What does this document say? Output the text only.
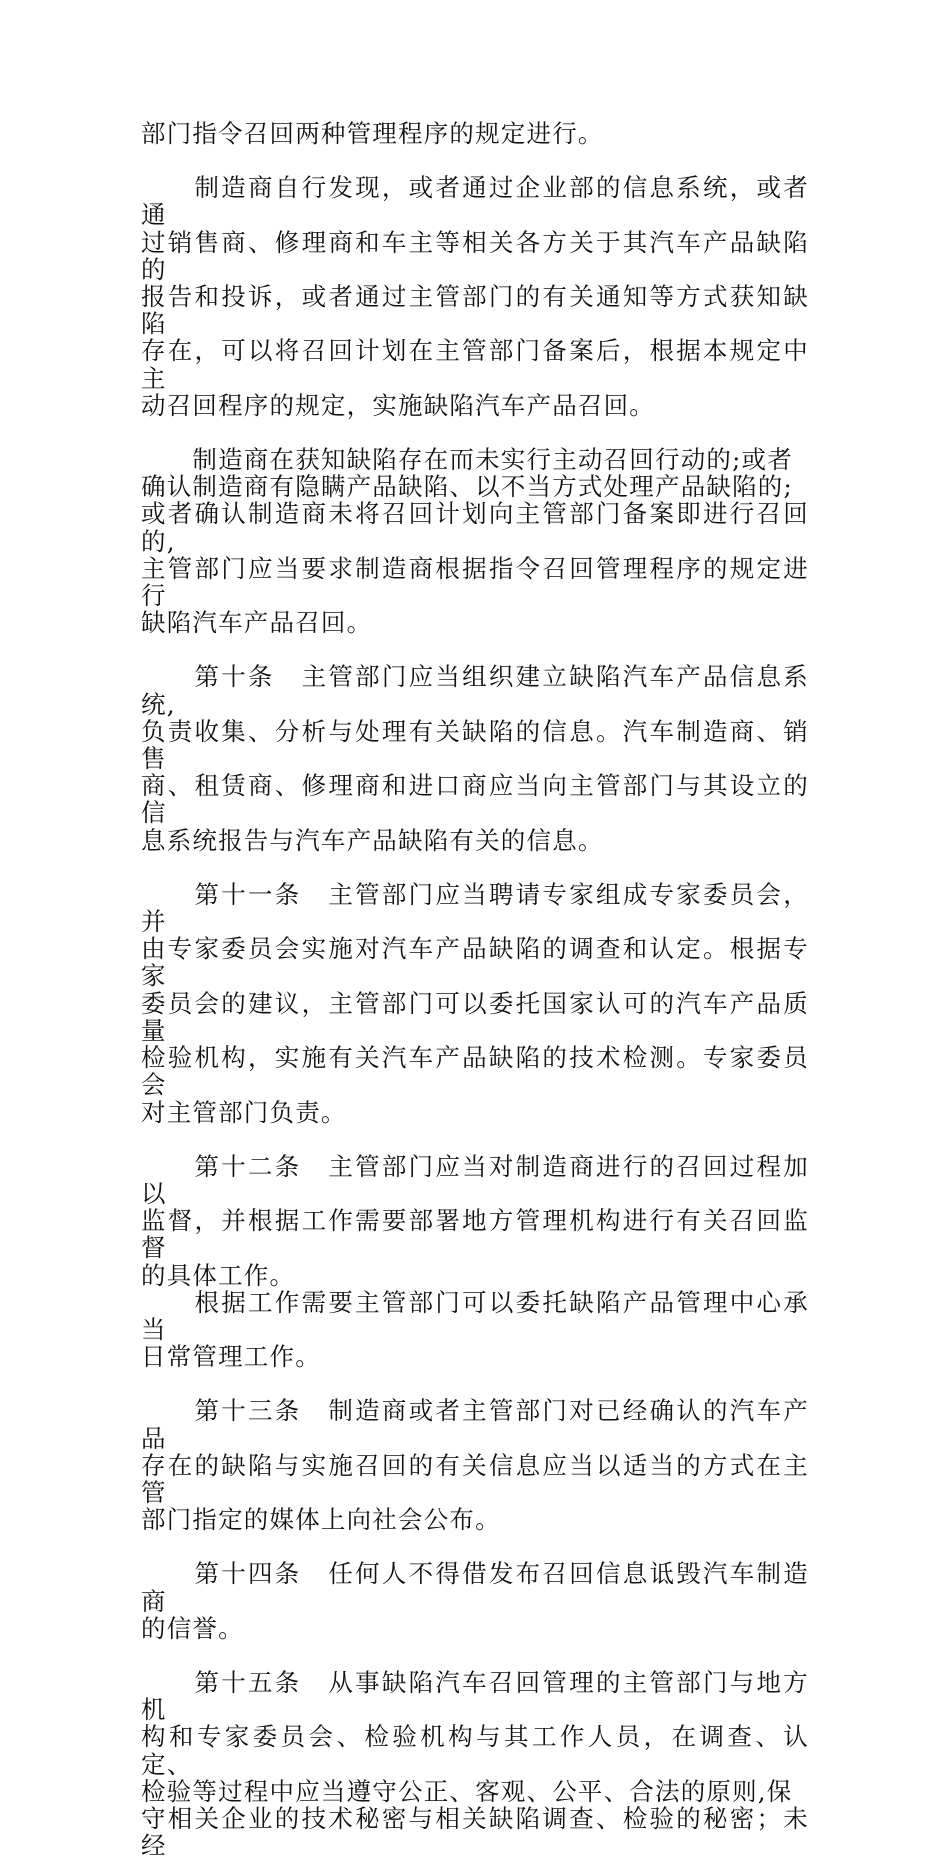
部门指令召回两种管理程序的规定进行。

　　制造商自行发现，或者通过企业部的信息系统，或者通
过销售商、修理商和车主等相关各方关于其汽车产品缺陷的
报告和投诉，或者通过主管部门的有关通知等方式获知缺陷
存在，可以将召回计划在主管部门备案后，根据本规定中主
动召回程序的规定，实施缺陷汽车产品召回。

　　制造商在获知缺陷存在而未实行主动召回行动的;或者
确认制造商有隐瞒产品缺陷、以不当方式处理产品缺陷的;
或者确认制造商未将召回计划向主管部门备案即进行召回的,
主管部门应当要求制造商根据指令召回管理程序的规定进行
缺陷汽车产品召回。

　　第十条　主管部门应当组织建立缺陷汽车产品信息系统,
负责收集、分析与处理有关缺陷的信息。汽车制造商、销售
商、租赁商、修理商和进口商应当向主管部门与其设立的信
息系统报告与汽车产品缺陷有关的信息。

　　第十一条　主管部门应当聘请专家组成专家委员会，并
由专家委员会实施对汽车产品缺陷的调查和认定。根据专家
委员会的建议，主管部门可以委托国家认可的汽车产品质量
检验机构，实施有关汽车产品缺陷的技术检测。专家委员会
对主管部门负责。

　　第十二条　主管部门应当对制造商进行的召回过程加以
监督，并根据工作需要部署地方管理机构进行有关召回监督
的具体工作。

　　根据工作需要主管部门可以委托缺陷产品管理中心承当
日常管理工作。

　　第十三条　制造商或者主管部门对已经确认的汽车产品
存在的缺陷与实施召回的有关信息应当以适当的方式在主管
部门指定的媒体上向社会公布。

　　第十四条　任何人不得借发布召回信息诋毁汽车制造商
的信誉。

　　第十五条　从事缺陷汽车召回管理的主管部门与地方机
构和专家委员会、检验机构与其工作人员，在调查、认定、
检验等过程中应当遵守公正、客观、公平、合法的原则,保
守相关企业的技术秘密与相关缺陷调查、检验的秘密；未经
